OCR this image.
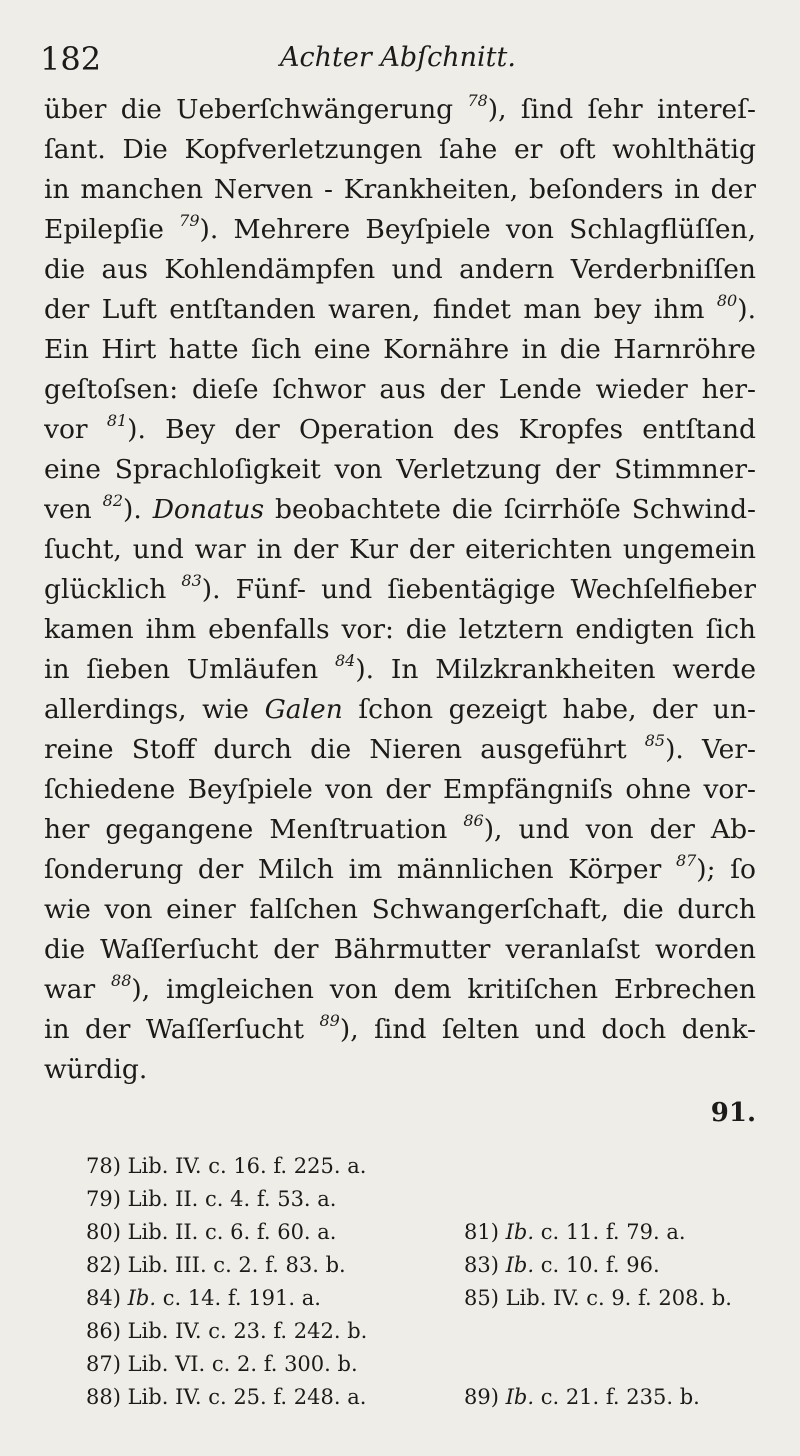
182	Achter Abſchnitt.
über die Ueberſchwängerung $^{78}$), ſind ſehr intereſ-
ſant. Die Kopfverletzungen ſahe er oft wohlthätig
in manchen Nerven - Krankheiten, beſonders in der
Epilepſie $^{79}$). Mehrere Beyſpiele von Schlagflüſſen,
die aus Kohlendämpfen und andern Verderbniſſen
der Luft entſtanden waren, findet man bey ihm $^{80}$).
Ein Hirt hatte ſich eine Kornähre in die Harnröhre
geſtoſsen: dieſe ſchwor aus der Lende wieder her-
vor $^{81}$). Bey der Operation des Kropfes entſtand
eine Sprachloſigkeit von Verletzung der Stimmner-
ven $^{82}$). Donatus beobachtete die ſcirrhöſe Schwind-
ſucht, und war in der Kur der eiterichten ungemein
glücklich $^{83}$). Fünf- und ſiebentägige Wechſelfieber
kamen ihm ebenfalls vor: die letztern endigten ſich
in ſieben Umläufen $^{84}$). In Milzkrankheiten werde
allerdings, wie Galen ſchon gezeigt habe, der un-
reine Stoff durch die Nieren ausgeführt $^{85}$). Ver-
ſchiedene Beyſpiele von der Empfängniſs ohne vor-
her gegangene Menſtruation $^{86}$), und von der Ab-
ſonderung der Milch im männlichen Körper $^{87}$); ſo
wie von einer falſchen Schwangerſchaft, die durch
die Waſſerſucht der Bährmutter veranlaſst worden
war $^{88}$), imgleichen von dem kritiſchen Erbrechen
in der Waſſerſucht $^{89}$), ſind ſelten und doch denk-
würdig.
91.
78) Lib. IV. c. 16. f. 225. a.
79) Lib. II. c. 4. f. 53. a.
80) Lib. II. c. 6. f. 60. a.	81) Ib. c. 11. f. 79. a.
82) Lib. III. c. 2. f. 83. b.	83) Ib. c. 10. f. 96.
84) Ib. c. 14. f. 191. a.	85) Lib. IV. c. 9. f. 208. b.
86) Lib. IV. c. 23. f. 242. b.
87) Lib. VI. c. 2. f. 300. b.
88) Lib. IV. c. 25. f. 248. a.	89) Ib. c. 21. f. 235. b.
